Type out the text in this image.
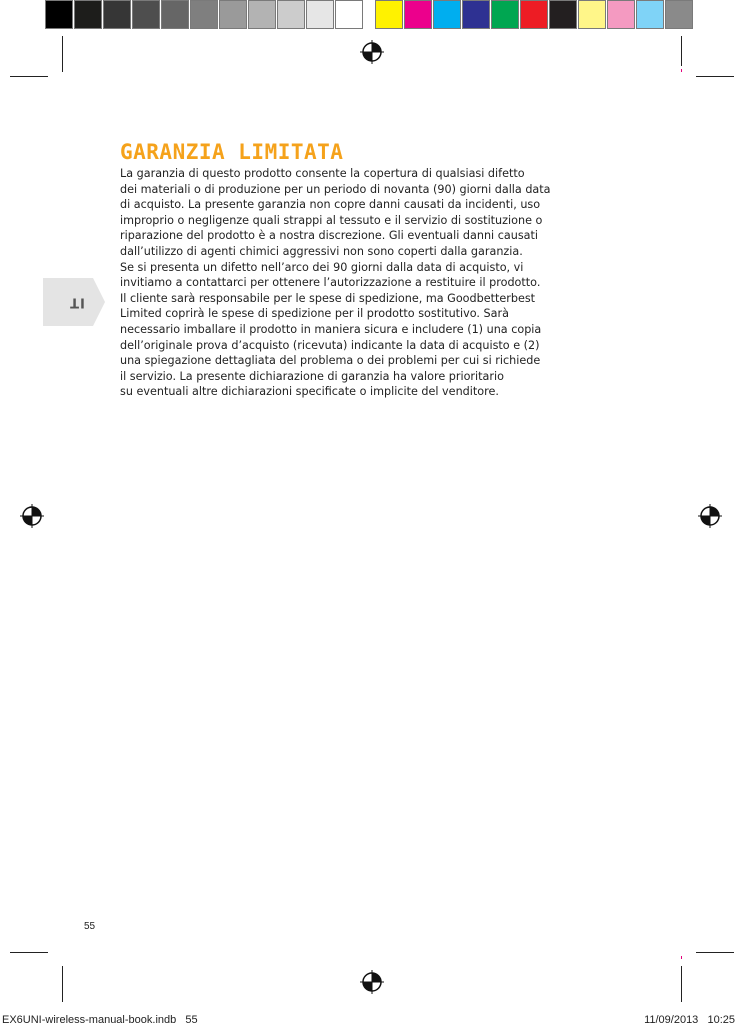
IT
GARANZIA LIMITATA
La garanzia di questo prodotto consente la copertura di qualsiasi difetto
dei materiali o di produzione per un periodo di novanta (90) giorni dalla data
di acquisto. La presente garanzia non copre danni causati da incidenti, uso
improprio o negligenze quali strappi al tessuto e il servizio di sostituzione o
riparazione del prodotto è a nostra discrezione. Gli eventuali danni causati
dall’utilizzo di agenti chimici aggressivi non sono coperti dalla garanzia.
Se si presenta un difetto nell’arco dei 90 giorni dalla data di acquisto, vi
invitiamo a contattarci per ottenere l’autorizzazione a restituire il prodotto.
Il cliente sarà responsabile per le spese di spedizione, ma Goodbetterbest
Limited coprirà le spese di spedizione per il prodotto sostitutivo. Sarà
necessario imballare il prodotto in maniera sicura e includere (1) una copia
dell’originale prova d’acquisto (ricevuta) indicante la data di acquisto e (2)
una spiegazione dettagliata del problema o dei problemi per cui si richiede
il servizio. La presente dichiarazione di garanzia ha valore prioritario
su eventuali altre dichiarazioni specificate o implicite del venditore.
55
EX6UNI-wireless-manual-book.indb   55	11/09/2013   10:25
